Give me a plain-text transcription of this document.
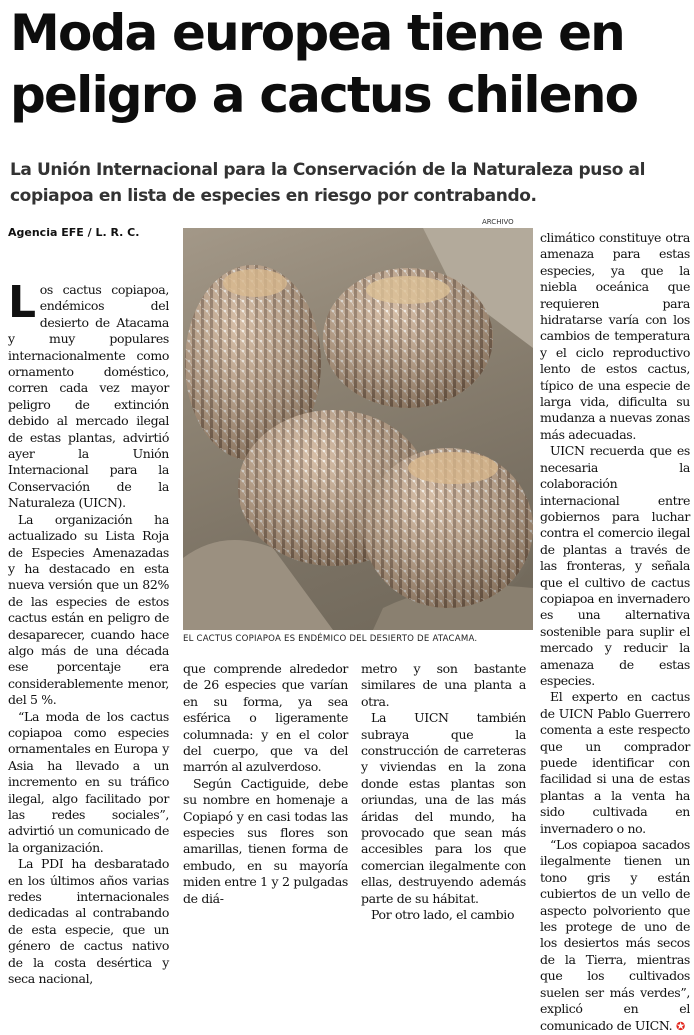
Moda europea tiene en
peligro a cactus chileno
La Unión Internacional para la Conservación de la Naturaleza puso al
copiapoa en lista de especies en riesgo por contrabando.
Agencia EFE / L. R. C.
ARCHIVO
EL CACTUS COPIAPOA ES ENDÉMICO DEL DESIERTO DE ATACAMA.

Los cactus copiapoa, endémicos del desierto de Atacama y muy populares internacionalmente como ornamento doméstico, corren cada vez mayor peligro de extinción debido al mercado ilegal de estas plantas, advirtió ayer la Unión Internacional para la Conservación de la Naturaleza (UICN).

La organización ha actualizado su Lista Roja de Especies Amenazadas y ha destacado en esta nueva versión que un 82% de las especies de estos cactus están en peligro de desaparecer, cuando hace algo más de una década ese porcentaje era considerablemente menor, del 5 %.

“La moda de los cactus copiapoa como especies ornamentales en Europa y Asia ha llevado a un incremento en su tráfico ilegal, algo facilitado por las redes sociales”, advirtió un comunicado de la organización.

La PDI ha desbaratado en los últimos años varias redes internacionales dedicadas al contrabando de esta especie, que un género de cactus nativo de la costa desértica y seca nacional,

que comprende alrededor de 26 especies que varían en su forma, ya sea esférica o ligeramente columnada: y en el color del cuerpo, que va del marrón al azulverdoso.

Según Cactiguide, debe su nombre en homenaje a Copiapó y en casi todas las especies sus flores son amarillas, tienen forma de embudo, en su mayoría miden entre 1 y 2 pulgadas de diá-

metro y son bastante similares de una planta a otra.

La UICN también subraya que la construcción de carreteras y viviendas en la zona donde estas plantas son oriundas, una de las más áridas del mundo, ha provocado que sean más accesibles para los que comercian ilegalmente con ellas, destruyendo además parte de su hábitat.

Por otro lado, el cambio

climático constituye otra amenaza para estas especies, ya que la niebla oceánica que requieren para hidratarse varía con los cambios de temperatura y el ciclo reproductivo lento de estos cactus, típico de una especie de larga vida, dificulta su mudanza a nuevas zonas más adecuadas.

UICN recuerda que es necesaria la colaboración internacional entre gobiernos para luchar contra el comercio ilegal de plantas a través de las fronteras, y señala que el cultivo de cactus copiapoa en invernadero es una alternativa sostenible para suplir el mercado y reducir la amenaza de estas especies.

El experto en cactus de UICN Pablo Guerrero comenta a este respecto que un comprador puede identificar con facilidad si una de estas plantas a la venta ha sido cultivada en invernadero o no.

“Los copiapoa sacados ilegalmente tienen un tono gris y están cubiertos de un vello de aspecto polvoriento que les protege de uno de los desiertos más secos de la Tierra, mientras que los cultivados suelen ser más verdes”, explicó en el comunicado de UICN. ✪
